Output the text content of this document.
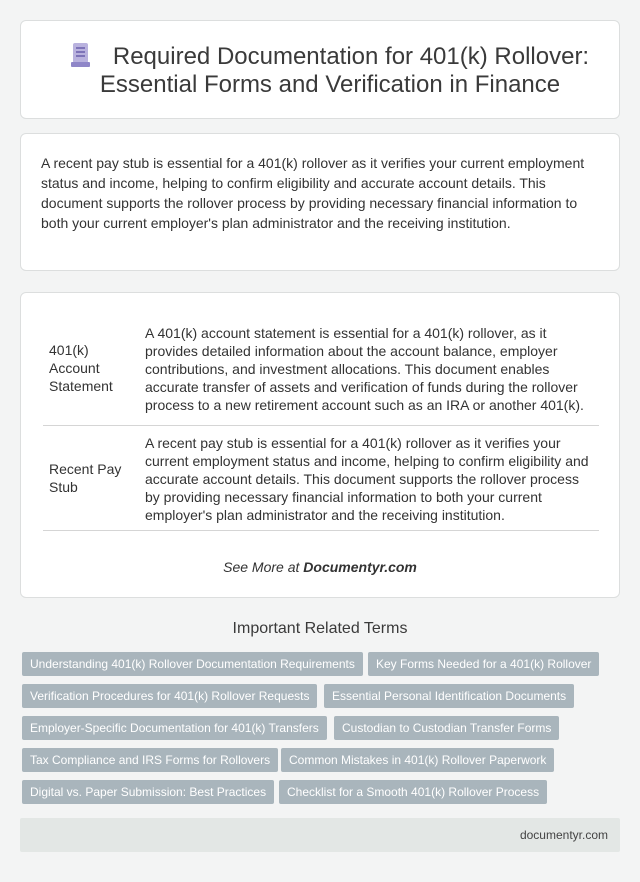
Required Documentation for 401(k) Rollover: Essential Forms and Verification in Finance

A recent pay stub is essential for a 401(k) rollover as it verifies your current employment status and income, helping to confirm eligibility and accurate account details. This document supports the rollover process by providing necessary financial information to both your current employer's plan administrator and the receiving institution.

401(k) Account Statement	A 401(k) account statement is essential for a 401(k) rollover, as it provides detailed information about the account balance, employer contributions, and investment allocations. This document enables accurate transfer of assets and verification of funds during the rollover process to a new retirement account such as an IRA or another 401(k).
Recent Pay Stub	A recent pay stub is essential for a 401(k) rollover as it verifies your current employment status and income, helping to confirm eligibility and accurate account details. This document supports the rollover process by providing necessary financial information to both your current employer's plan administrator and the receiving institution.
See More at Documentyr.com
Important Related Terms
Understanding 401(k) Rollover Documentation Requirements	Key Forms Needed for a 401(k) Rollover
Verification Procedures for 401(k) Rollover Requests	Essential Personal Identification Documents
Employer-Specific Documentation for 401(k) Transfers	Custodian to Custodian Transfer Forms
Tax Compliance and IRS Forms for Rollovers	Common Mistakes in 401(k) Rollover Paperwork
Digital vs. Paper Submission: Best Practices	Checklist for a Smooth 401(k) Rollover Process
documentyr.com
